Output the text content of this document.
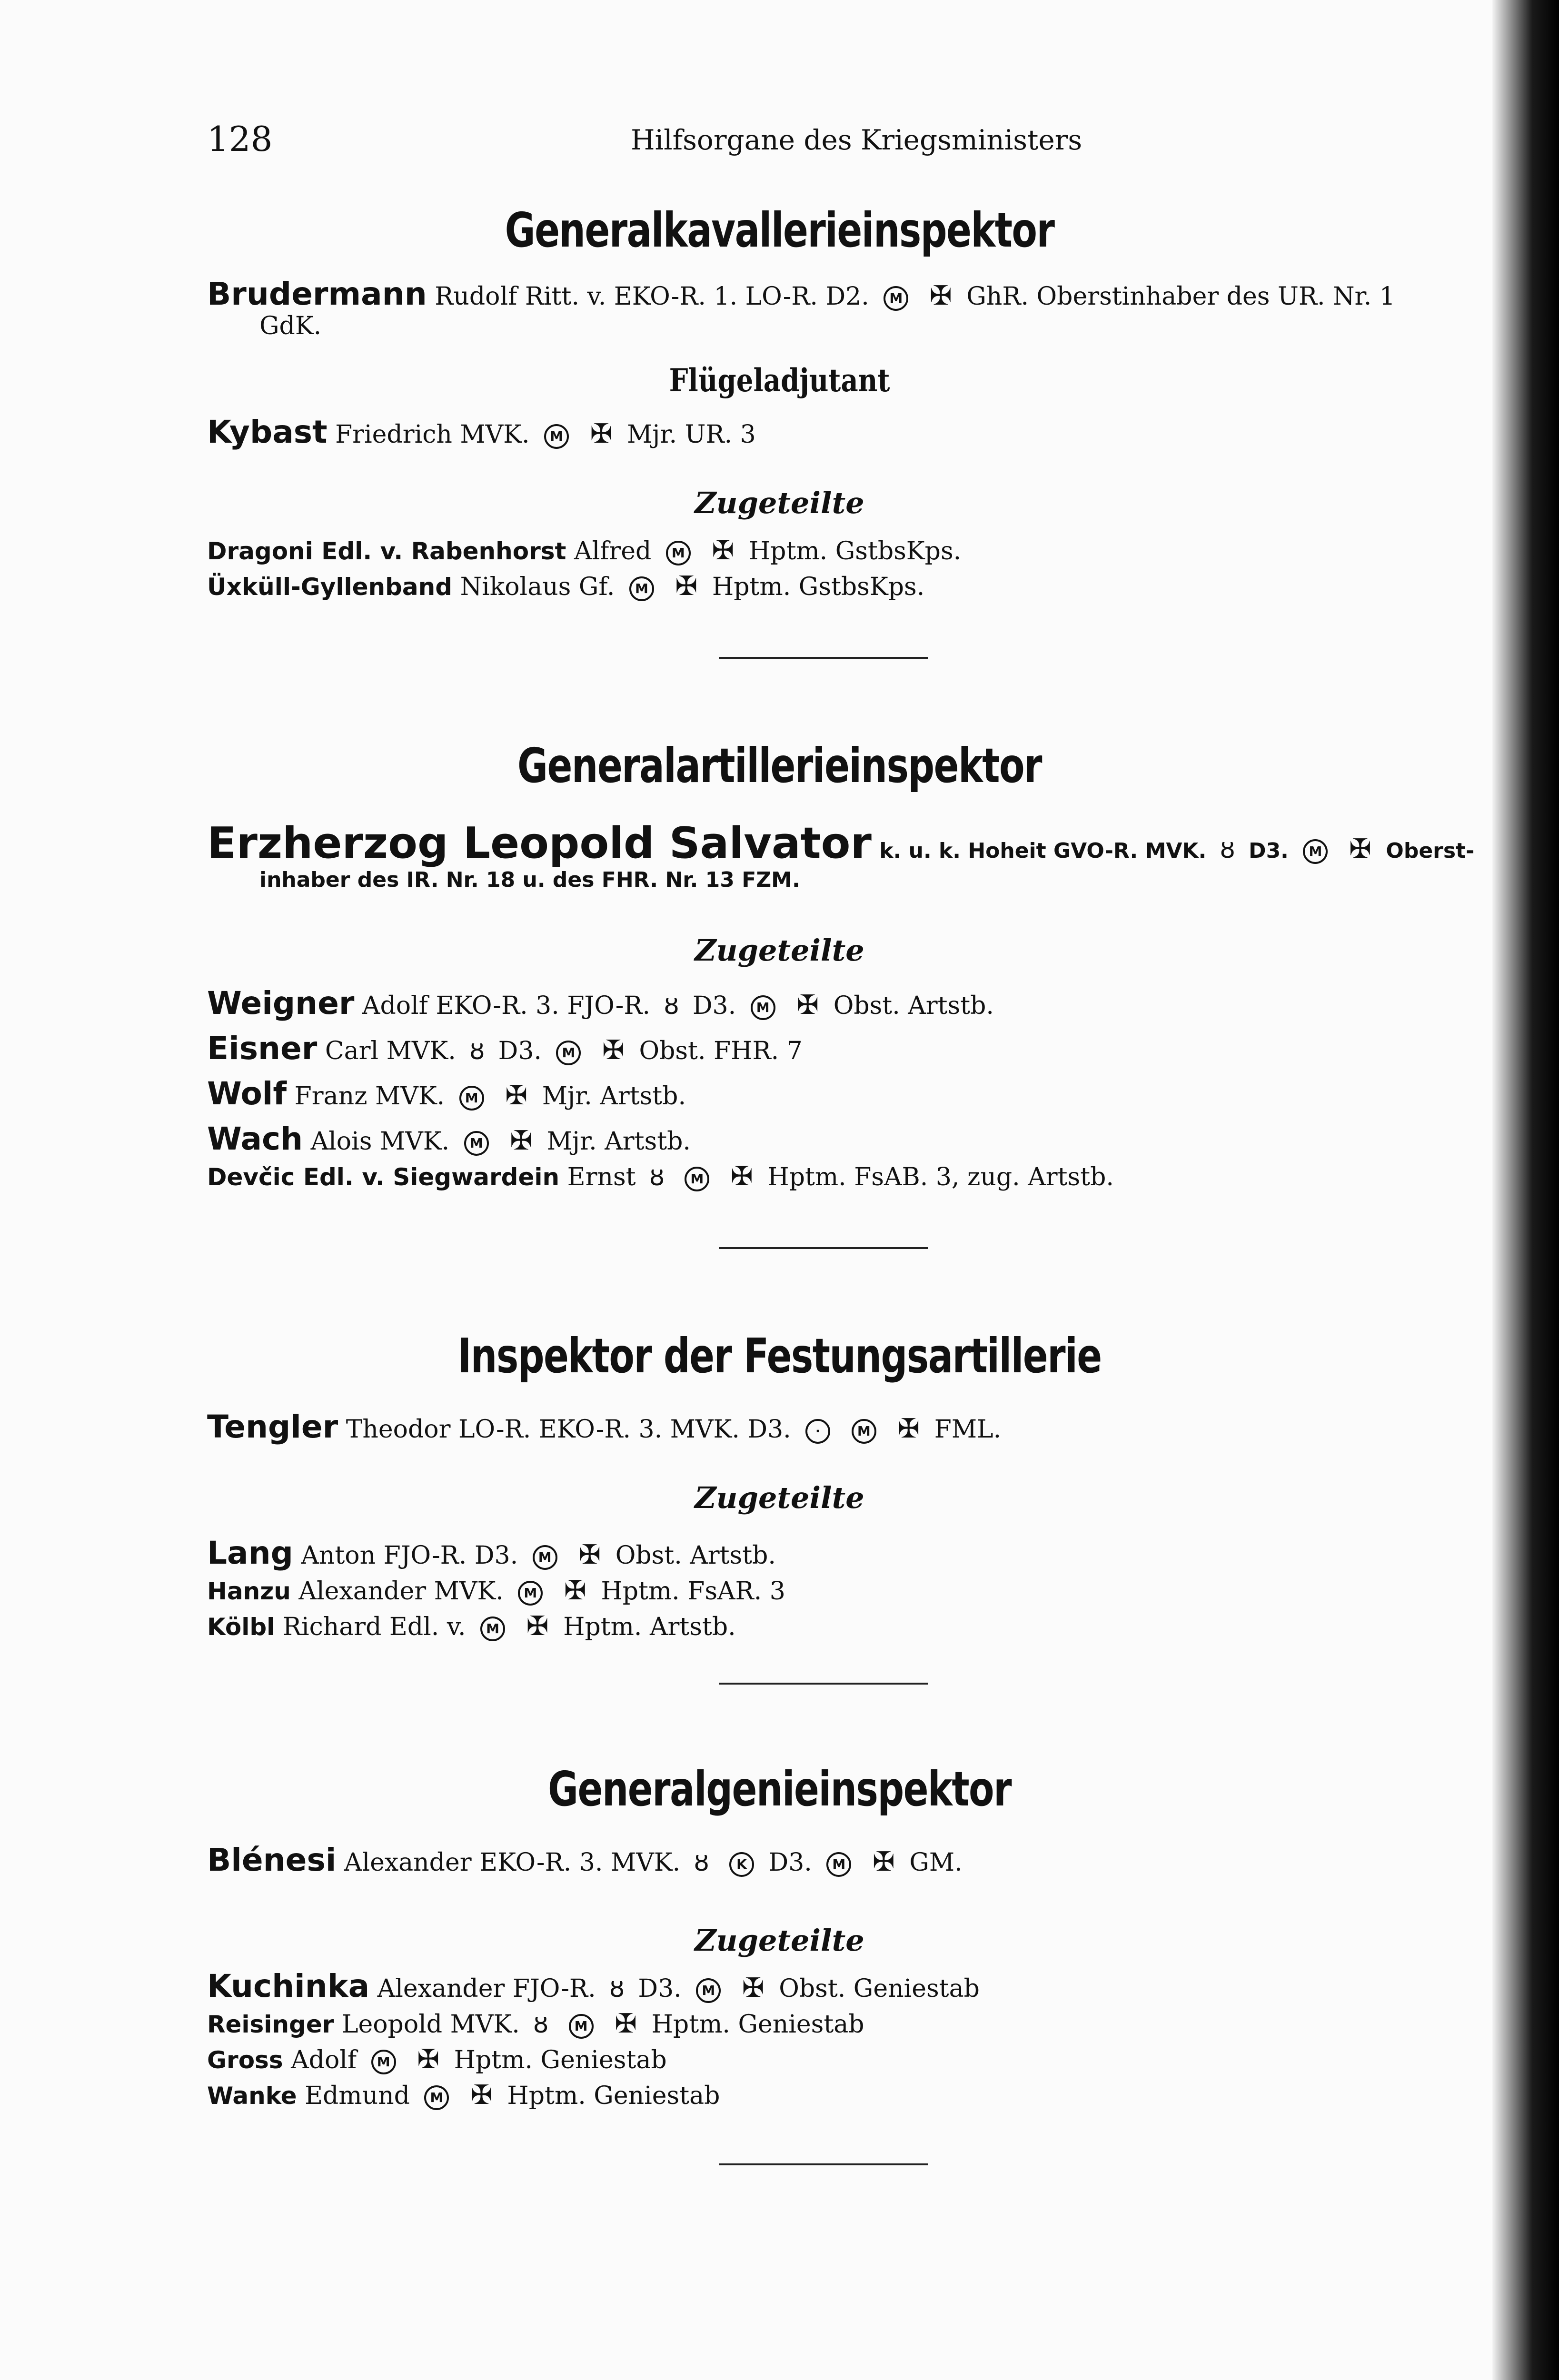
128	Hilfsorgane des Kriegsministers
Generalkavallerieinspektor
Brudermann Rudolf Ritt. v. EKO-R. 1. LO-R. D2. M ✠ GhR. Oberstinhaber des UR. Nr. 1
GdK.
Flügeladjutant
Kybast Friedrich MVK. M ✠ Mjr. UR. 3
Zugeteilte
Dragoni Edl. v. Rabenhorst Alfred M ✠ Hptm. GstbsKps.
Üxküll-Gyllenband Nikolaus Gf. M ✠ Hptm. GstbsKps.
Generalartillerieinspektor
Erzherzog Leopold Salvator k. u. k. Hoheit GVO-R. MVK. ȣ D3. M ✠ Oberst-
inhaber des IR. Nr. 18 u. des FHR. Nr. 13 FZM.
Zugeteilte
Weigner Adolf EKO-R. 3. FJO-R. ȣ D3. M ✠ Obst. Artstb.
Eisner Carl MVK. ȣ D3. M ✠ Obst. FHR. 7
Wolf Franz MVK. M ✠ Mjr. Artstb.
Wach Alois MVK. M ✠ Mjr. Artstb.
Devčic Edl. v. Siegwardein Ernst ȣ M ✠ Hptm. FsAB. 3, zug. Artstb.
Inspektor der Festungsartillerie
Tengler Theodor LO-R. EKO-R. 3. MVK. D3. ·	M ✠ FML.
Zugeteilte
Lang Anton FJO-R. D3. M ✠ Obst. Artstb.
Hanzu Alexander MVK. M ✠ Hptm. FsAR. 3
Kölbl Richard Edl. v. M ✠ Hptm. Artstb.
Generalgenieinspektor
Blénesi Alexander EKO-R. 3. MVK. ȣ K D3. M ✠ GM.
Zugeteilte
Kuchinka Alexander FJO-R. ȣ D3. M ✠ Obst. Geniestab
Reisinger Leopold MVK. ȣ M ✠ Hptm. Geniestab
Gross Adolf M ✠ Hptm. Geniestab
Wanke Edmund M ✠ Hptm. Geniestab
